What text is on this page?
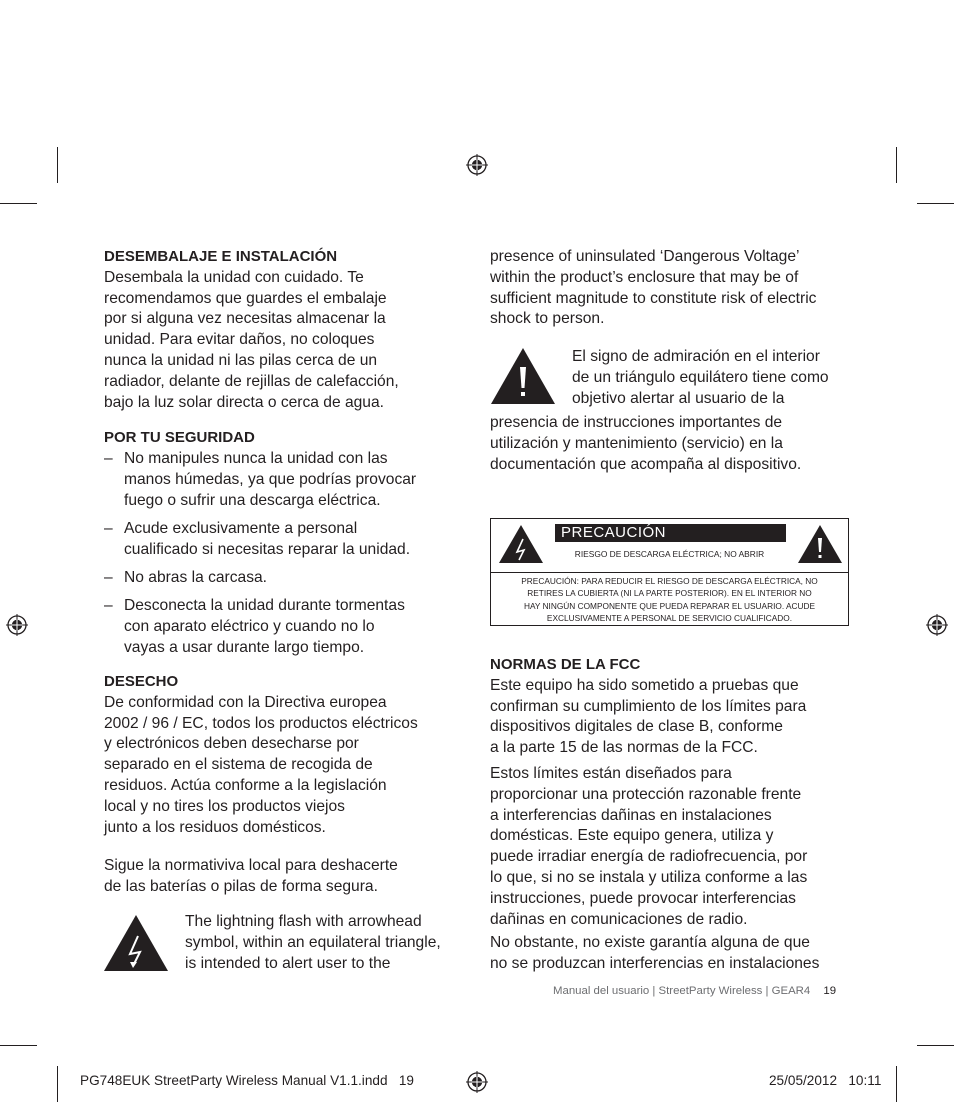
DESEMBALAJE E INSTALACIÓN
Desembala la unidad con cuidado. Te
recomendamos que guardes el embalaje
por si alguna vez necesitas almacenar la
unidad. Para evitar daños, no coloques
nunca la unidad ni las pilas cerca de un
radiador, delante de rejillas de calefacción,
bajo la luz solar directa o cerca de agua.
POR TU SEGURIDAD
– No manipules nunca la unidad con las
manos húmedas, ya que podrías provocar
fuego o sufrir una descarga eléctrica.
– Acude exclusivamente a personal
cualificado si necesitas reparar la unidad.
– No abras la carcasa.
– Desconecta la unidad durante tormentas
con aparato eléctrico y cuando no lo
vayas a usar durante largo tiempo.
DESECHO
De conformidad con la Directiva europea
2002 / 96 / EC, todos los productos eléctricos
y electrónicos deben desecharse por
separado en el sistema de recogida de
residuos. Actúa conforme a la legislación
local y no tires los productos viejos
junto a los residuos domésticos.
Sigue la normativiva local para deshacerte
de las baterías o pilas de forma segura.
The lightning flash with arrowhead
symbol, within an equilateral triangle,
is intended to alert user to the
presence of uninsulated ‘Dangerous Voltage’
within the product’s enclosure that may be of
sufficient magnitude to constitute risk of electric
shock to person.
El signo de admiración en el interior
de un triángulo equilátero tiene como
objetivo alertar al usuario de la
presencia de instrucciones importantes de
utilización y mantenimiento (servicio) en la
documentación que acompaña al dispositivo.
PRECAUCIÓN
RIESGO DE DESCARGA ELÉCTRICA; NO ABRIR
PRECAUCIÓN: PARA REDUCIR EL RIESGO DE DESCARGA ELÉCTRICA, NO
RETIRES LA CUBIERTA (NI LA PARTE POSTERIOR). EN EL INTERIOR NO
HAY NINGÚN COMPONENTE QUE PUEDA REPARAR EL USUARIO. ACUDE
EXCLUSIVAMENTE A PERSONAL DE SERVICIO CUALIFICADO.
NORMAS DE LA FCC
Este equipo ha sido sometido a pruebas que
confirman su cumplimiento de los límites para
dispositivos digitales de clase B, conforme
a la parte 15 de las normas de la FCC.
Estos límites están diseñados para
proporcionar una protección razonable frente
a interferencias dañinas en instalaciones
domésticas. Este equipo genera, utiliza y
puede irradiar energía de radiofrecuencia, por
lo que, si no se instala y utiliza conforme a las
instrucciones, puede provocar interferencias
dañinas en comunicaciones de radio.
No obstante, no existe garantía alguna de que
no se produzcan interferencias en instalaciones
Manual del usuario | StreetParty Wireless | GEAR4 19
PG748EUK StreetParty Wireless Manual V1.1.indd   19	25/05/2012   10:11
